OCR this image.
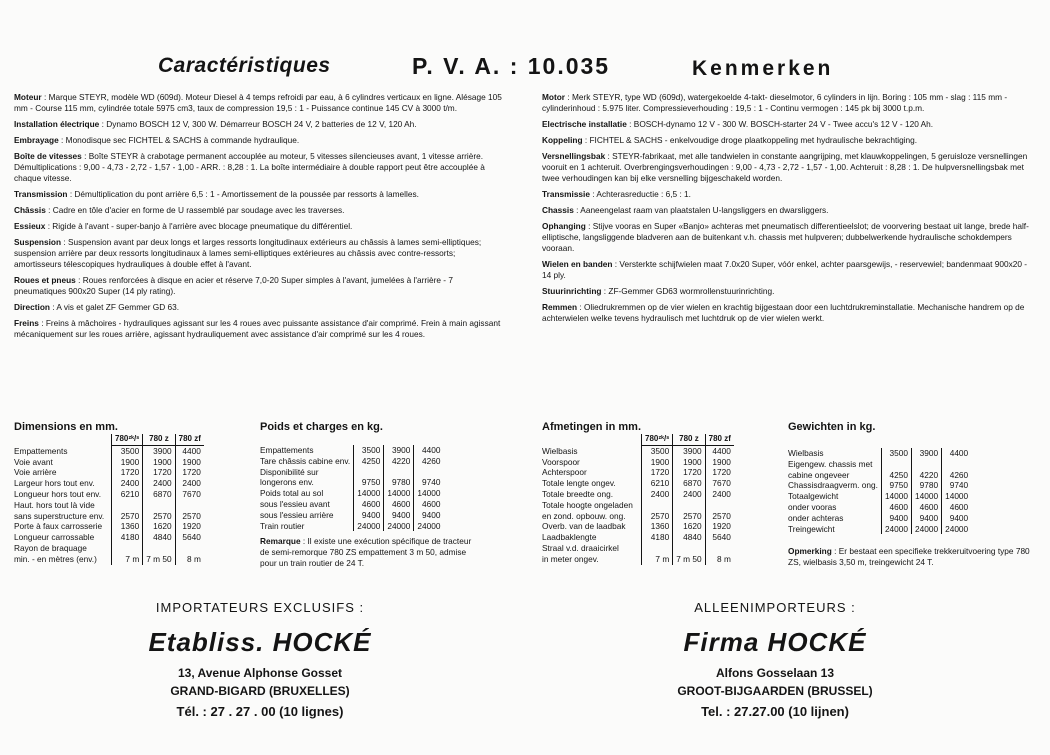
Caractéristiques	P. V. A. : 10.035	Kenmerken

Moteur : Marque STEYR, modèle WD (609d). Moteur Diesel à 4 temps refroidi par eau, à 6 cylindres verticaux en ligne. Alésage 105 mm - Course 115 mm, cylindrée totale 5975 cm3, taux de compression 19,5 : 1 - Puissance continue 145 CV à 3000 t/m.

Installation électrique : Dynamo BOSCH 12 V, 300 W. Démarreur BOSCH 24 V, 2 batteries de 12 V, 120 Ah.

Embrayage : Monodisque sec FICHTEL & SACHS à commande hydraulique.

Boîte de vitesses : Boîte STEYR à crabotage permanent accouplée au moteur, 5 vitesses silencieuses avant, 1 vitesse arrière. Démultiplications : 9,00 - 4,73 - 2,72 - 1,57 - 1,00 - ARR. : 8,28 : 1. La boîte intermédiaire à double rapport peut être accouplée à chaque vitesse.

Transmission : Démultiplication du pont arrière 6,5 : 1 - Amortissement de la poussée par ressorts à lamelles.

Châssis : Cadre en tôle d'acier en forme de U rassemblé par soudage avec les traverses.

Essieux : Rigide à l'avant - super-banjo à l'arrière avec blocage pneumatique du différentiel.

Suspension : Suspension avant par deux longs et larges ressorts longitudinaux extérieurs au châssis à lames semi-elliptiques; suspension arrière par deux ressorts longitudinaux à lames semi-elliptiques extérieures au châssis avec contre-ressorts; amortisseurs télescopiques hydrauliques à double effet à l'avant.

Roues et pneus : Roues renforcées à disque en acier et réserve 7,0-20 Super simples à l'avant, jumelées à l'arrière - 7 pneumatiques 900x20 Super (14 ply rating).

Direction : A vis et galet ZF Gemmer GD 63.

Freins : Freins à mâchoires - hydrauliques agissant sur les 4 roues avec puissante assistance d'air comprimé. Frein à main agissant mécaniquement sur les roues arrière, agissant hydrauliquement avec assistance d'air comprimé sur les 4 roues.

Motor : Merk STEYR, type WD (609d), watergekoelde 4-takt- dieselmotor, 6 cylinders in lijn. Boring : 105 mm - slag : 115 mm - cylinderinhoud : 5.975 liter. Compressieverhouding : 19,5 : 1 - Continu vermogen : 145 pk bij 3000 t.p.m.

Electrische installatie : BOSCH-dynamo 12 V - 300 W. BOSCH-starter 24 V - Twee accu's 12 V - 120 Ah.

Koppeling : FICHTEL & SACHS - enkelvoudige droge plaatkoppeling met hydraulische bekrachtiging.

Versnellingsbak : STEYR-fabrikaat, met alle tandwielen in constante aangrijping, met klauwkoppelingen, 5 geruisloze versnellingen vooruit en 1 achteruit. Overbrengingsverhoudingen : 9,00 - 4,73 - 2,72 - 1,57 - 1,00. Achteruit : 8,28 : 1. De hulpversnellingsbak met twee verhoudingen kan bij elke versnelling bijgeschakeld worden.

Transmissie : Achterasreductie : 6,5 : 1.

Chassis : Aaneengelast raam van plaatstalen U-langsliggers en dwarsliggers.

Ophanging : Stijve vooras en Super «Banjo» achteras met pneumatisch differentieelslot; de voorvering bestaat uit lange, brede half-elliptische, langsliggende bladveren aan de buitenkant v.h. chassis met hulpveren; dubbelwerkende hydraulische schokdempers vooraan.

Wielen en banden : Versterkte schijfwielen maat 7.0x20 Super, vóór enkel, achter paarsgewijs, - reservewiel; bandenmaat 900x20 - 14 ply.

Stuurinrichting : ZF-Gemmer GD63 wormrollenstuurinrichting.

Remmen : Oliedrukremmen op de vier wielen en krachtig bijgestaan door een luchtdrukreminstallatie. Mechanische handrem op de achterwielen welke tevens hydraulisch met luchtdruk op de vier wielen werkt.

Dimensions en mm.
	780ᶻᵏ/ˢ	780 z	780 zf
Empattements	3500	3900	4400
Voie avant	1900	1900	1900
Voie arrière	1720	1720	1720
Largeur hors tout env.	2400	2400	2400
Longueur hors tout env.	6210	6870	7670
Haut. hors tout là vide			
sans superstructure env.	2570	2570	2570
Porte à faux carrosserie	1360	1620	1920
Longueur carrossable	4180	4840	5640
Rayon de braquage			
min. - en mètres (env.)	7 m	7 m 50	8 m
Poids et charges en kg.
Empattements	3500	3900	4400
Tare châssis cabine env.	4250	4220	4260
Disponibilité sur			
longerons env.	9750	9780	9740
Poids total au sol	14000	14000	14000
sous l'essieu avant	4600	4600	4600
sous l'essieu arrière	9400	9400	9400
Train routier	24000	24000	24000
Remarque : Il existe une exécution spécifique de tracteur de semi-remorque 780 ZS empattement 3 m 50, admise pour un train routier de 24 T.
Afmetingen in mm.
	780ᶻᵏ/ˢ	780 z	780 zf
Wielbasis	3500	3900	4400
Voorspoor	1900	1900	1900
Achterspoor	1720	1720	1720
Totale lengte ongev.	6210	6870	7670
Totale breedte ong.	2400	2400	2400
Totale hoogte ongeladen			
en zond. opbouw. ong.	2570	2570	2570
Overb. van de laadbak	1360	1620	1920
Laadbaklengte	4180	4840	5640
Straal v.d. draaicirkel			
in meter ongev.	7 m	7 m 50	8 m
Gewichten in kg.
Wielbasis	3500	3900	4400
Eigengew. chassis met			
cabine ongeveer	4250	4220	4260
Chassisdraagverm. ong.	9750	9780	9740
Totaalgewicht	14000	14000	14000
onder vooras	4600	4600	4600
onder achteras	9400	9400	9400
Treingewicht	24000	24000	24000
Opmerking : Er bestaat een specifieke trekkeruitvoering type 780 ZS, wielbasis 3,50 m, treingewicht 24 T.
IMPORTATEURS EXCLUSIFS :
Etabliss. HOCKÉ
13, Avenue Alphonse Gosset
GRAND-BIGARD (BRUXELLES)
Tél. : 27 . 27 . 00 (10 lignes)
ALLEENIMPORTEURS :
Firma HOCKÉ
Alfons Gosselaan 13
GROOT-BIJGAARDEN (BRUSSEL)
Tel. : 27.27.00 (10 lijnen)
